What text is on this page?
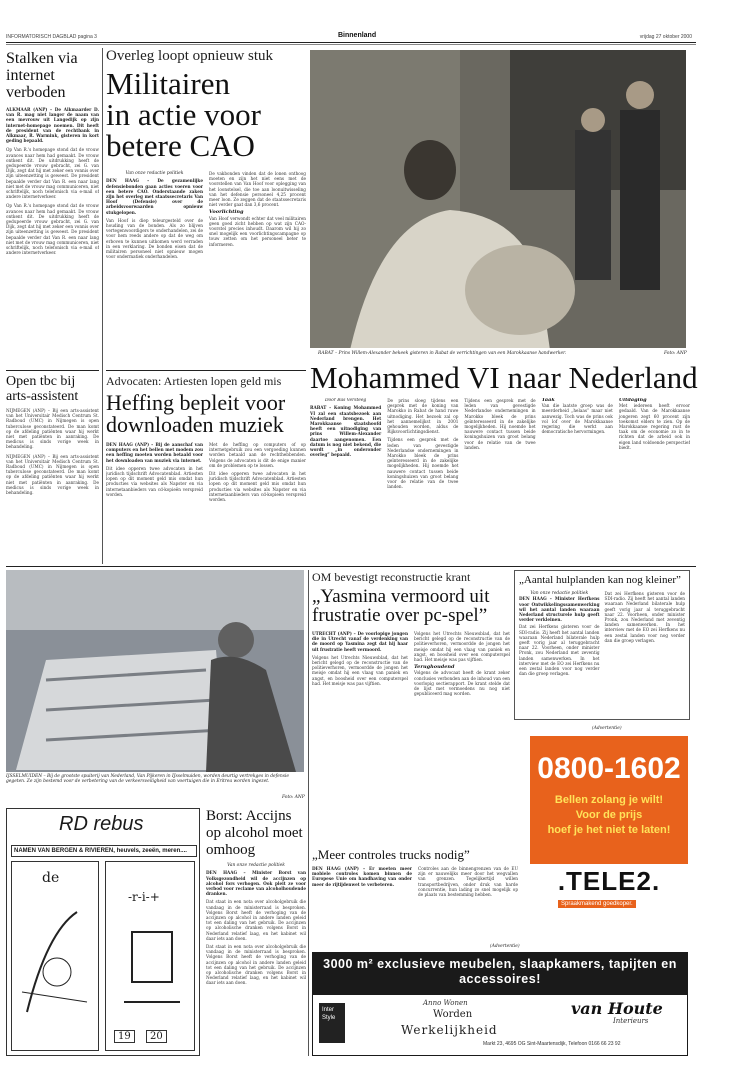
INFORMATORISCH DAGBLAD pagina 3	Binnenland	vrijdag 27 oktober 2000
Stalken via internet verboden
ALKMAAR (ANP) – De Alkmaarder D. van R. mag niet langer de naam van een mevrouw uit Langedijk op zijn internet-homepage noemen. Dit heeft de president van de rechtbank in Alkmaar, R. Warmink, gisteren in kort geding bepaald.
Op Van R.'s homepage stond dat de vrouw avances naar hem had gemaakt. De vrouw ontkent dit. De uitdrukking heeft de gedupeerde vrouw gebracht, zei G. van Dijk, zegt dat hij met zeker een vonnis over zijn uiteenzetting is geweest. De president bepaalde verder dat Van R. een naar lang niet met de vrouw mag communiceren, niet schriftelijk, noch telefonisch via e-mail of andere internetverkeer.
Op Van R.'s homepage stond dat de vrouw avances naar hem had gemaakt. De vrouw ontkent dit. De uitdrukking heeft de gedupeerde vrouw gebracht, zei G. van Dijk, zegt dat hij met zeker een vonnis over zijn uiteenzetting is geweest. De president bepaalde verder dat Van R. een naar lang niet met de vrouw mag communiceren, niet schriftelijk, noch telefonisch via e-mail of andere internetverkeer.
Open tbc bij arts-assistent
NIJMEGEN (ANP) – Bij een arts-assistent van het Universitair Medisch Centrum St. Radboud (UMC) in Nijmegen is open tuberculose geconstateerd. De man komt op de afdeling patiënten waar hij werkt niet met patiënten in aanraking. De medicus is sinds vorige week in behandeling.
NIJMEGEN (ANP) – Bij een arts-assistent van het Universitair Medisch Centrum St. Radboud (UMC) in Nijmegen is open tuberculose geconstateerd. De man komt op de afdeling patiënten waar hij werkt niet met patiënten in aanraking. De medicus is sinds vorige week in behandeling.
Overleg loopt opnieuw stuk
Militairen
in actie voor
betere CAO
Van onze redactie politiek
DEN HAAG – De gezamenlijke defensiebonden gaan acties voeren voor een betere CAO. Onderstaande zaken zijn het overleg met staatssecretaris Van Hoof (Defensie) over de arbeidsvoorwaarden opnieuw stukgelopen.
Van Hoof is diep teleurgesteld over de houding van de bonden. Als zo blijven vertegenwoordigers te onderhandelen, zei de voor hem reeds andere op dat de weg om erboven te kunnen uitkomen werd verraden in een verklaring. De bonden eisen dat de militairen personeel niet opnieuw mogen voor ondermatiek onderhandelen.
De vakbonden vinden dat de lonen onthoog moeten en zijn het niet eens met de voorstellen van Van Hoof voor oplegging van het loonstelsel, die toe aan loonuitwisseling van het defensie personeel 4,25 procent meer loon. Ze zeggen dat de staatssecretaris niet verder gaat dan 3,6 procent.
Voorlichting
Van Hoof verwondt echter dat veel militairen geen goed zicht hebben op wat zijn CAO-voorstel precies inhoudt. Daarom wil hij zo snel mogelijk een voorlichtingscampagne op touw zetten om het personeel beter te informeren.
RABAT – Prins Willem-Alexander bekeek gisteren in Rabat de verrichtingen van een Marokkaanse handwerker.	Foto: ANP
Mohammed VI naar Nederland
Door Bas Versteeg
RABAT – Koning Mohammed VI zal een staatsbezoek aan Nederland brengen. Het Marokkaanse staatshoofd heeft een uitnodiging van prins Willem-Alexander daartoe aangenomen. Een datum is nog niet bekend, die wordt „in onderonder overleg” bepaald.
De prins sloeg tijdens een gesprek met de koning van Marokko in Rabat de hand ruwe uitnodiging. Het bezoek zal op het aannemelijkst in 2001 gehouden worden, aldus de Rijksvoorlichtingsdienst.
Tijdens een gesprek met de leden van gevestigde Nederlandse ondernemingen in Marokko bleek de prins geïnteresseerd in de zakelijke mogelijkheden. Hij noemde het nauwere contact tussen beide koningshuizen van groot belang voor de relatie van de twee landen.
Tijdens een gesprek met de leden van gevestigde Nederlandse ondernemingen in Marokko bleek de prins geïnteresseerd in de zakelijke mogelijkheden. Hij noemde het nauwere contact tussen beide koningshuizen van groot belang voor de relatie van de twee landen.
Taak
Van die laatste groep was de meerderheid „helaas” maar niet aanwezig. Toch was de prins ook vol lof over de Marokkaanse regering die werkt aan democratische hervormingen.
Uitdaging
Met iedereen heeft ervoor gedaald. Van de Marokkaanse jongeren zegt 60 procent zijn toekomst elders te zien. Op de Marokkaanse regering rust de taak om de economie zo in te richten dat de arbeid ook in eigen land voldoende perspectief biedt.
Advocaten: Artiesten lopen geld mis
Heffing bepleit voor
downloaden muziek
DEN HAAG (ANP) – Bij de aanschaf van computers en het bellen met modem zou een heffing moeten worden betaald voor het downloaden van muziek via internet.
Dit idee opperen twee advocaten in het juridisch tijdschrift Advocatenblad. Artiesten lopen op dit moment geld mis omdat hun producties via websites als Napster en via internetaanbieders van cd-kopieën verspreid worden.
Met de heffing op computers of op internetgebruik zou een vergoeding kunnen worden betaald aan de rechthebbenden. Volgens de advocaten is dit de enige manier om de problemen op te lossen.
Dit idee opperen twee advocaten in het juridisch tijdschrift Advocatenblad. Artiesten lopen op dit moment geld mis omdat hun producties via websites als Napster en via internetaanbieders van cd-kopieën verspreid worden.
IJSSELMUIDEN – Bij de grootste spuiterij van Nederland, Van Pijkeren in IJsselmuiden, worden deurtig vertrekges in defensie gegeten. Ze zijn bestemd voor de verbetering van de verkeersveiligheid van voertuigen die in Eritrea worden ingezet.
Foto: ANP
RD rebus
NAMEN VAN BERGEN & RIVIEREN, heuvels, zeeën, meren....
de
-r-i-+
19	20
Borst: Accijns op alcohol moet omhoog
Van onze redactie politiek
DEN HAAG – Minister Borst van Volksgezondheid wil de accijnzen op alcohol fors verhogen. Ook pleit ze voor verbod voor reclame van alcoholhoudende dranken.
Dat staat in een nota over alcoholgebruik die vandaag in de ministerraad is besproken. Volgens Borst heeft de verhoging van de accijnzen op alcohol in andere landen geleid tot een daling van het gebruik. De accijnzen op alcoholische dranken volgens Borst in Nederland relatief laag, en het kabinet wil daar iets aan doen.
Dat staat in een nota over alcoholgebruik die vandaag in de ministerraad is besproken. Volgens Borst heeft de verhoging van de accijnzen op alcohol in andere landen geleid tot een daling van het gebruik. De accijnzen op alcoholische dranken volgens Borst in Nederland relatief laag, en het kabinet wil daar iets aan doen.
OM bevestigt reconstructie krant
„Yasmina vermoord uit
frustratie over pc-spel”
UTRECHT (ANP) – De voorlopige jongen die in Utrecht vanaf de verdenking van de moord op Yasmina zegt dat hij haar uit frustratie heeft vermoord.
Volgens het Utrechts Nieuwsblad, dat het bericht gelegd op de reconstructie van de politieverhoren, vermoordde de jongen het meisje omdat hij een vlaag van paniek en angst, en boosheid over een computerspel had. Het meisje was pas vijftien.
Volgens het Utrechts Nieuwsblad, dat het bericht gelegd op de reconstructie van de politieverhoren, vermoordde de jongen het meisje omdat hij een vlaag van paniek en angst, en boosheid over een computerspel had. Het meisje was pas vijftien.
Terughoudend
Volgens de advocaat heeft de krant zeker conclusies verbonden aan de inhoud van een voorlopig sectierapport. De krant stelde dat de lijst met vermoedens nu nog niet gepubliceerd mag worden.
„Aantal hulplanden kan nog kleiner”
Van onze redactie politiek
DEN HAAG – Minister Herfkens voor Ontwikkelingssamenwerking wil het aantal landen waaraan Nederland structurele hulp geeft verder verkleinen.
Dat zei Herfkens gisteren voor de SDI-radio. Zij heeft het aantal landen waaraan Nederland bilaterale hulp geeft vorig jaar al teruggebracht naar 22. Voorheen, onder minister Pronk, zou Nederland met zeventig landen samenwerken. In het interview met de EO zei Herfkens nu een zestal landen voor nog verder dan die groep verlagen.
Dat zei Herfkens gisteren voor de SDI-radio. Zij heeft het aantal landen waaraan Nederland bilaterale hulp geeft vorig jaar al teruggebracht naar 22. Voorheen, onder minister Pronk, zou Nederland met zeventig landen samenwerken. In het interview met de EO zei Herfkens nu een zestal landen voor nog verder dan die groep verlagen.
(Advertentie)
0800-1602
Bellen zolang je wilt!
Voor de prijs
hoef je het niet te laten!
.TELE2.
Spraakmakend goedkoper.
„Meer controles trucks nodig”
DEN HAAG (ANP) – Er moeten meer mobiele controles komen binnen de Europese Unie om handhaving van onder meer de rijtijdenwet te verbeteren.
Controles aan de binnengrenzen van de EU zijn er nauwelijks meer door het wegvallen van grenzen. Tegelijkertijd willen transportbedrijven, onder druk van harde concurrentie, hun lading zo snel mogelijk op de plaats van bestemming hebben.
(Advertentie)
3000 m² exclusieve meubelen, slaapkamers, tapijten en accessoires!
Inter Style
Anno Wonen
Worden
Werkelijkheid
van Houte
Interieurs
Markt 23, 4695 OG Sint-Maartensdijk, Telefoon 0166 66 23 92
